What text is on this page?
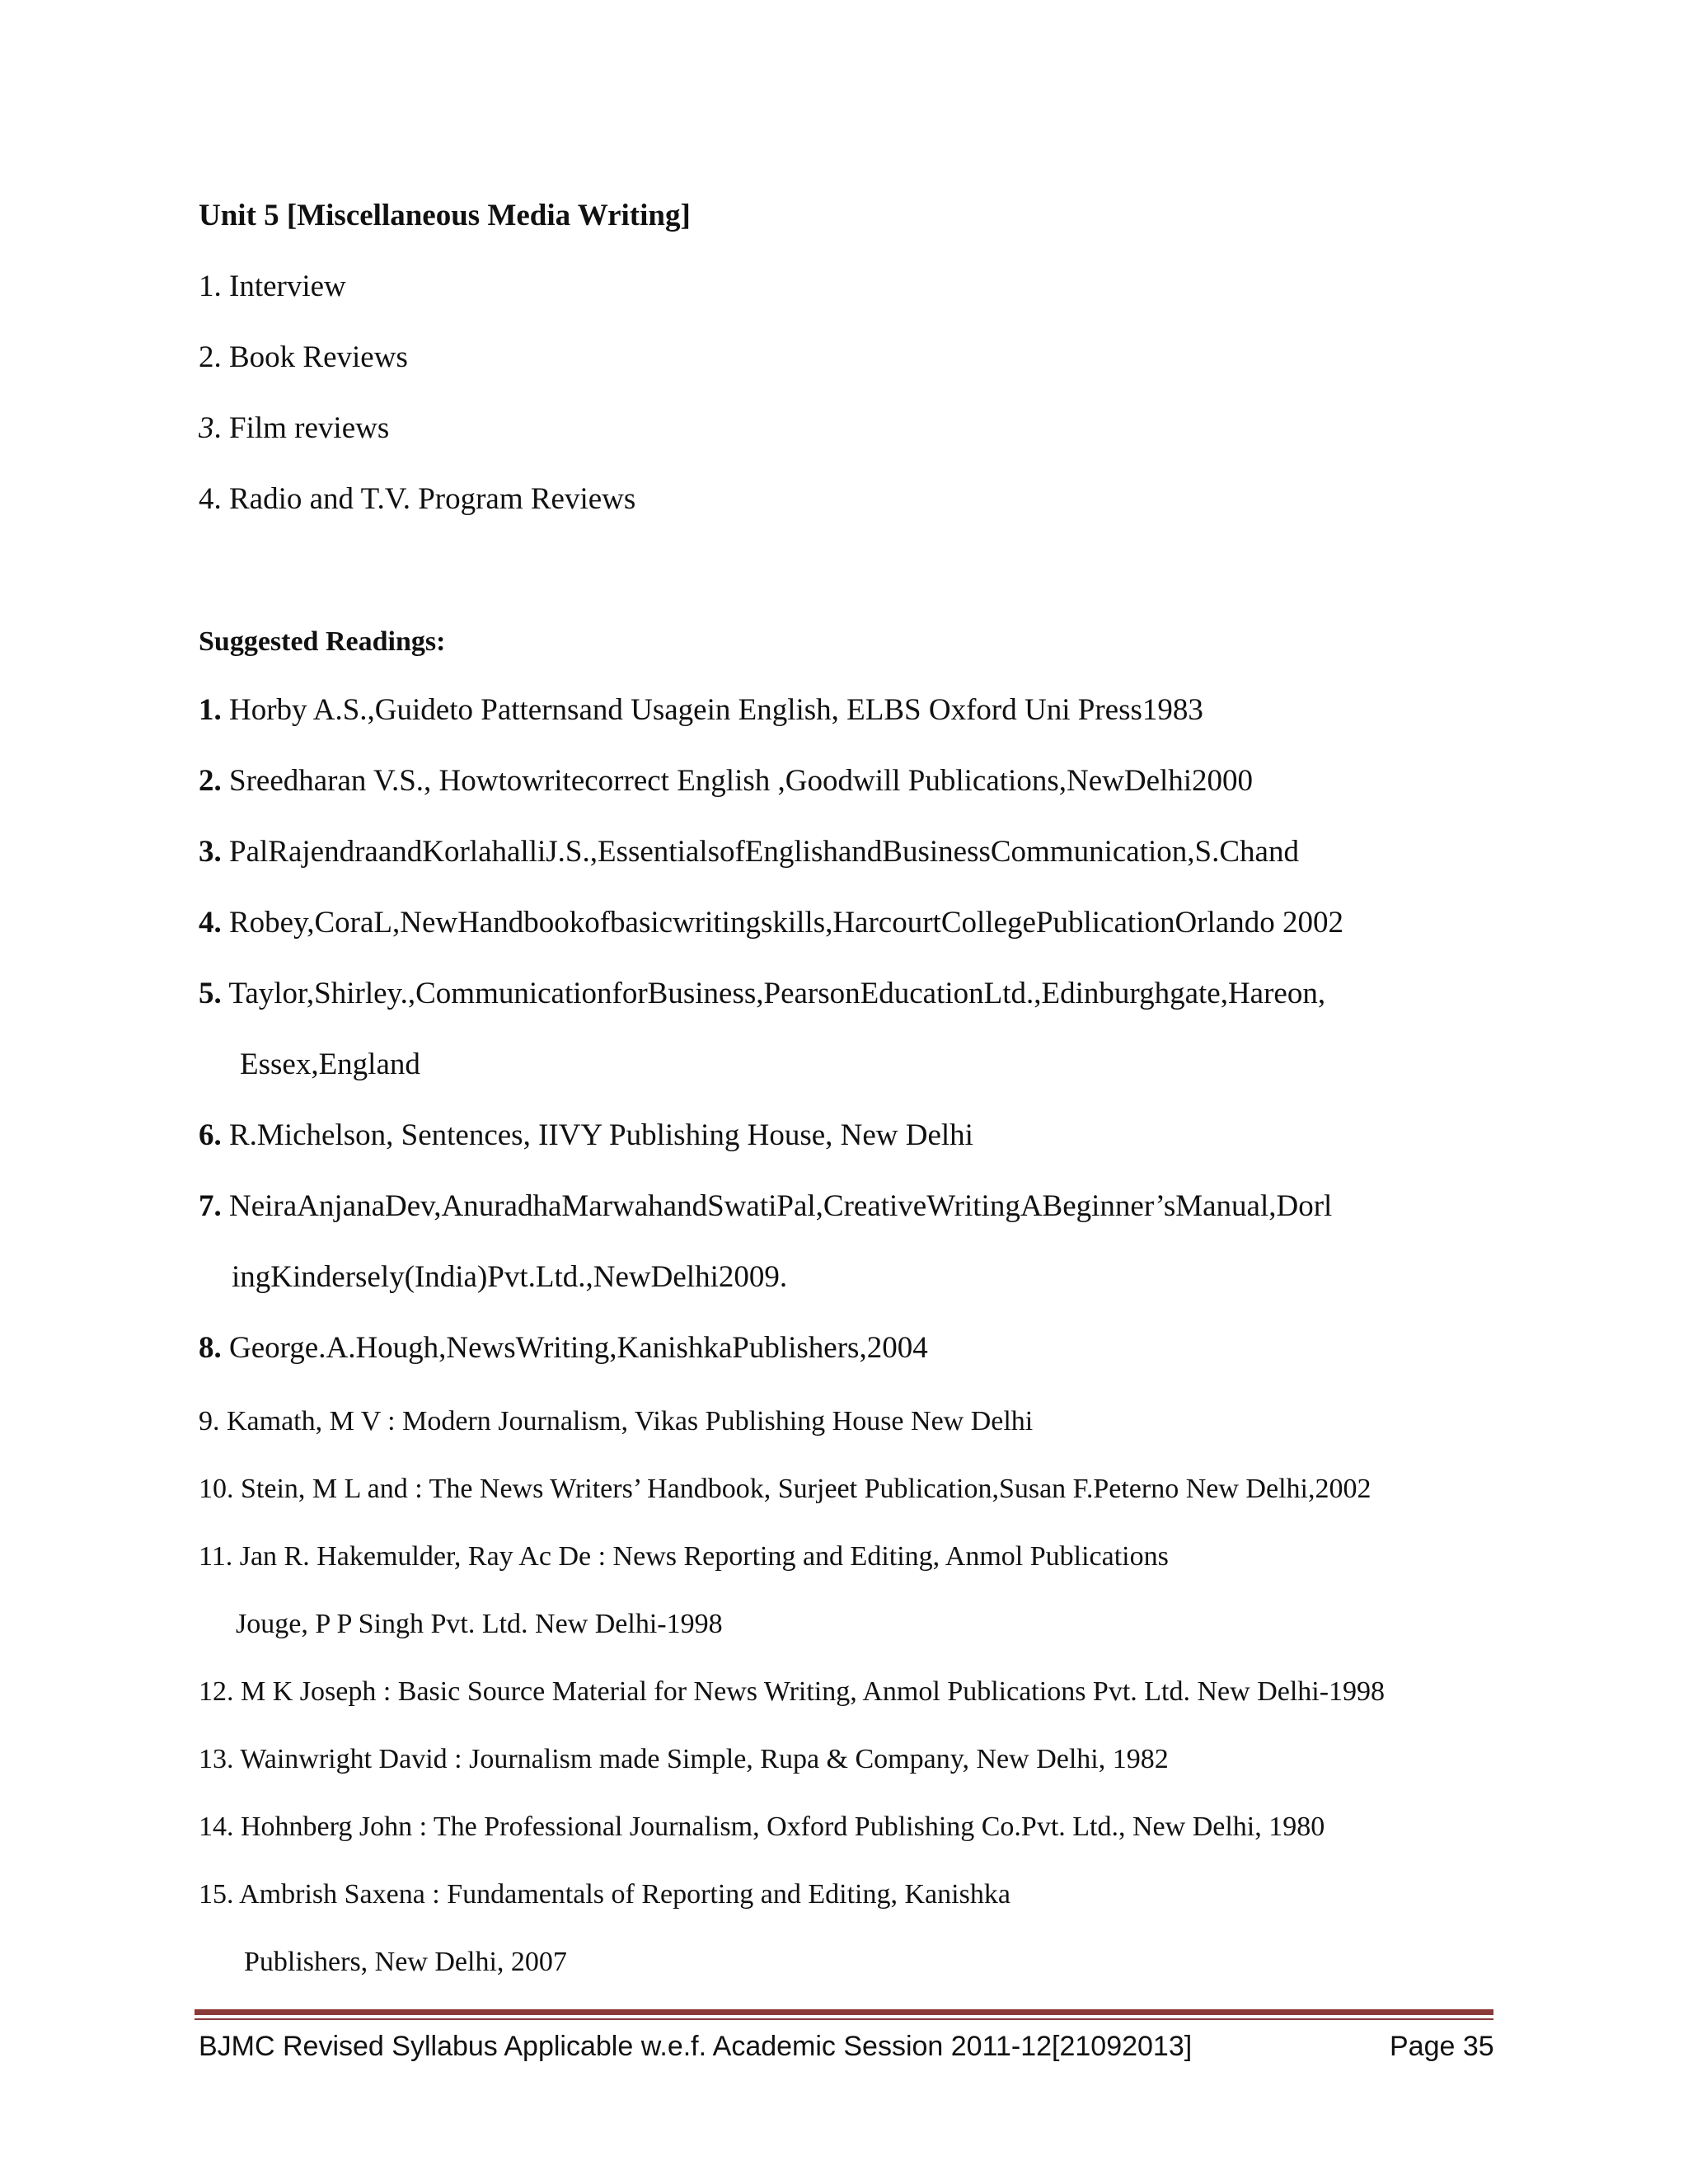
Unit 5 [Miscellaneous Media Writing]
1. Interview
2. Book Reviews
3. Film reviews
4. Radio and T.V. Program Reviews
Suggested Readings:
1. Horby A.S.,Guideto Patternsand Usagein English, ELBS Oxford Uni Press1983
2. Sreedharan V.S., Howtowritecorrect English ,Goodwill Publications,NewDelhi2000
3. PalRajendraandKorlahalliJ.S.,EssentialsofEnglishandBusinessCommunication,S.Chand
4. Robey,CoraL,NewHandbookofbasicwritingskills,HarcourtCollegePublicationOrlando 2002
5. Taylor,Shirley.,CommunicationforBusiness,PearsonEducationLtd.,Edinburghgate,Hareon,
Essex,England
6. R.Michelson, Sentences, IIVY Publishing House, New Delhi
7. NeiraAnjanaDev,AnuradhaMarwahandSwatiPal,CreativeWritingABeginner’sManual,Dorl
ingKindersely(India)Pvt.Ltd.,NewDelhi2009.
8. George.A.Hough,NewsWriting,KanishkaPublishers,2004
9. Kamath, M V : Modern Journalism, Vikas Publishing House New Delhi
10. Stein, M L and : The News Writers’ Handbook, Surjeet Publication,Susan F.Peterno New Delhi,2002
11. Jan R. Hakemulder, Ray Ac De : News Reporting and Editing, Anmol Publications
Jouge, P P Singh Pvt. Ltd. New Delhi-1998
12. M K Joseph : Basic Source Material for News Writing, Anmol Publications Pvt. Ltd. New Delhi-1998
13. Wainwright David : Journalism made Simple, Rupa & Company, New Delhi, 1982
14. Hohnberg John : The Professional Journalism, Oxford Publishing Co.Pvt. Ltd., New Delhi, 1980
15. Ambrish Saxena : Fundamentals of Reporting and Editing, Kanishka
Publishers, New Delhi, 2007
BJMC Revised Syllabus Applicable w.e.f. Academic Session 2011-12[21092013]	Page 35
